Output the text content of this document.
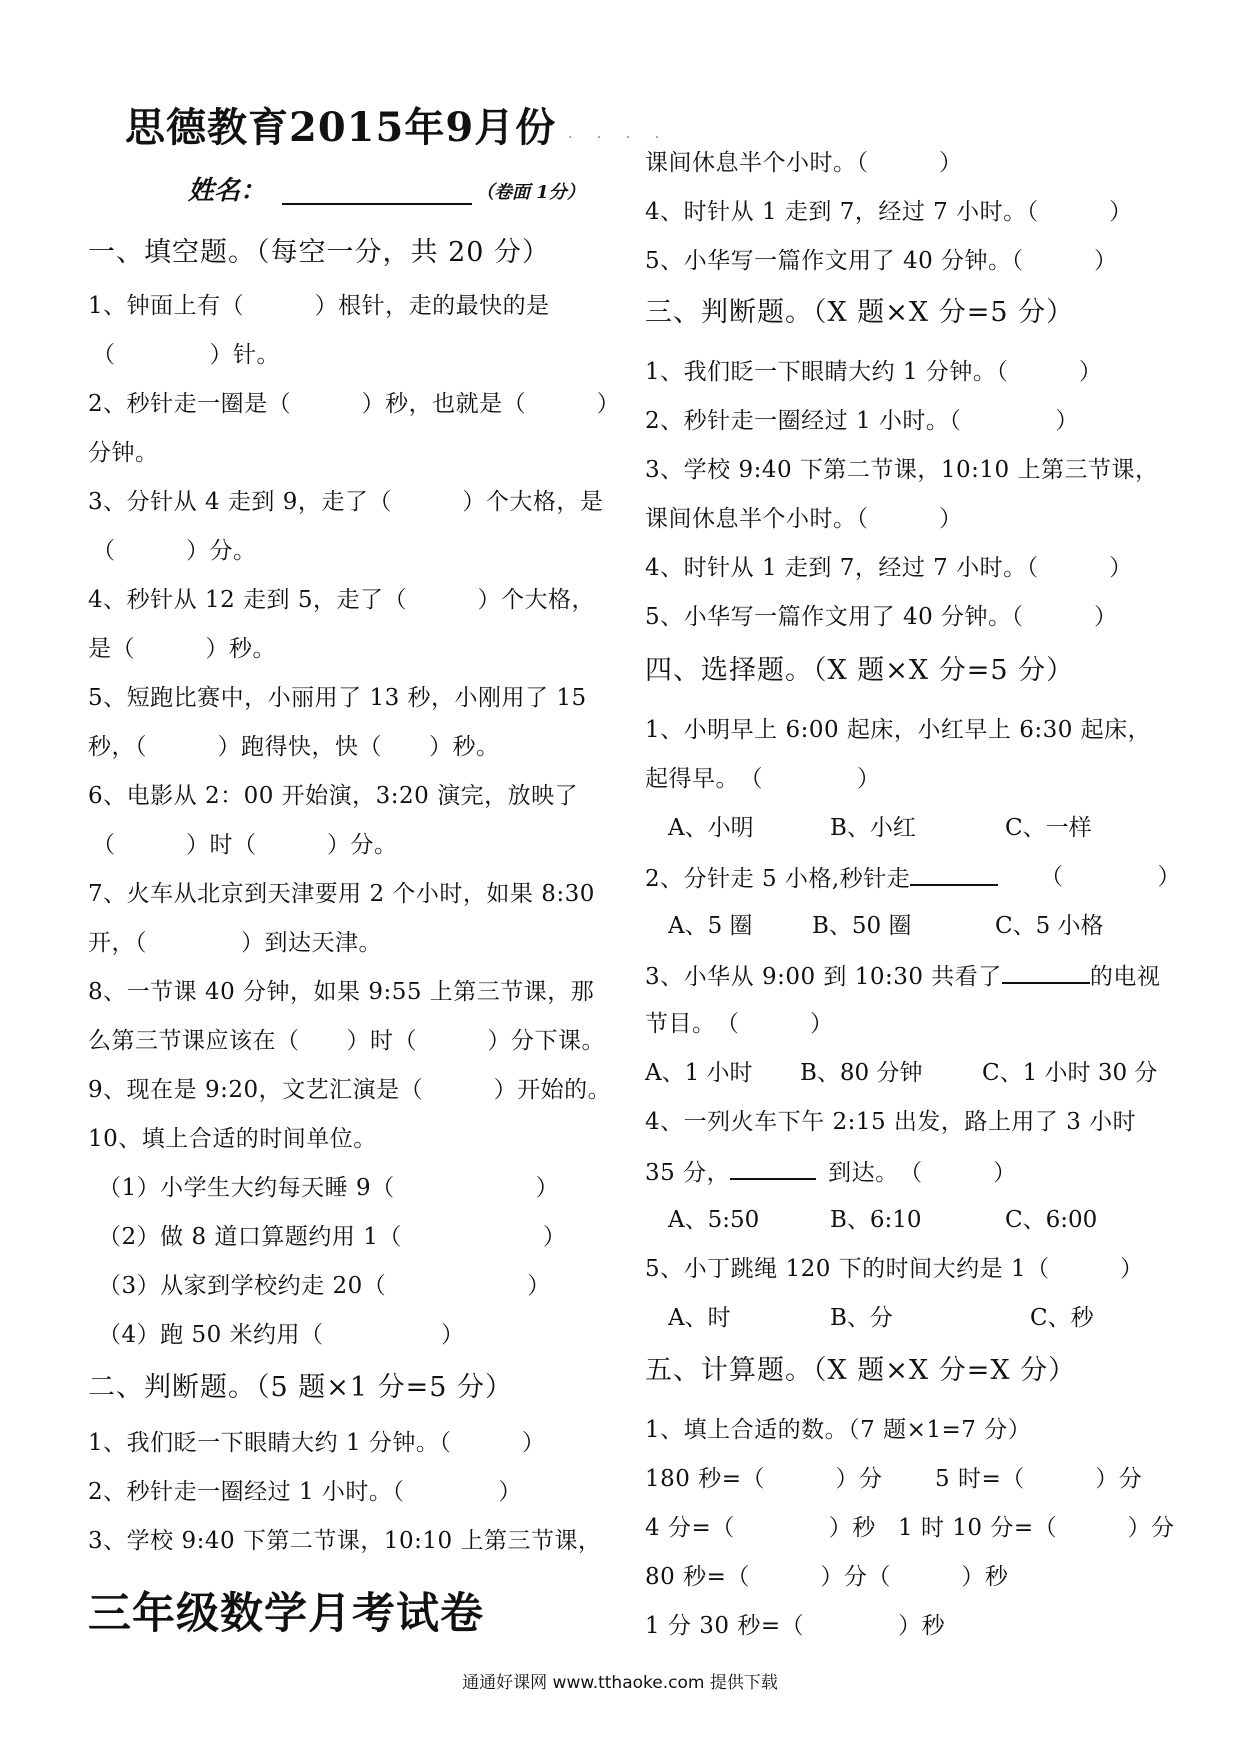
思德教育2015年9月份 . . . .
姓名：	（卷面 1分）
一、填空题。（每空一分，共 20 分）
1、钟面上有（　　　）根针，走的最快的是
（　　　　）针。
2、秒针走一圈是（　　　）秒，也就是（　　　）
分钟。
3、分针从 4 走到 9，走了（　　　）个大格，是
（　　　）分。
4、秒针从 12 走到 5，走了（　　　）个大格，
是（　　　）秒。
5、短跑比赛中，小丽用了 13 秒，小刚用了 15
秒，（　　　）跑得快，快（　　）秒。
6、电影从 2：00 开始演，3:20 演完，放映了
（　　　）时（　　　）分。
7、火车从北京到天津要用 2 个小时，如果 8:30
开，（　　　　）到达天津。
8、一节课 40 分钟，如果 9:55 上第三节课，那
么第三节课应该在（　　）时（　　　）分下课。
9、现在是 9:20，文艺汇演是（　　　）开始的。
10、填上合适的时间单位。
（1）小学生大约每天睡 9（　　　　　　）
（2）做 8 道口算题约用 1（　　　　　　）
（3）从家到学校约走 20（　　　　　　）
（4）跑 50 米约用（　　　　　）
二、判断题。（5 题×1 分=5 分）
1、我们眨一下眼睛大约 1 分钟。（　　　）
2、秒针走一圈经过 1 小时。（　　　　）
3、学校 9:40 下第二节课，10:10 上第三节课，
三年级数学月考试卷
课间休息半个小时。（　　　）
4、时针从 1 走到 7，经过 7 小时。（　　　）
5、小华写一篇作文用了 40 分钟。（　　　）
三、判断题。（X 题×X 分=5 分）
1、我们眨一下眼睛大约 1 分钟。（　　　）
2、秒针走一圈经过 1 小时。（　　　　）
3、学校 9:40 下第二节课，10:10 上第三节课，
课间休息半个小时。（　　　）
4、时针从 1 走到 7，经过 7 小时。（　　　）
5、小华写一篇作文用了 40 分钟。（　　　）
四、选择题。（X 题×X 分=5 分）
1、小明早上 6:00 起床，小红早上 6:30 起床，
起得早。　（　　　　）
A、小明	B、小红	C、一样
2、分针走 5 小格,秒针走	（　　　　）
A、5 圈	B、50 圈	C、5 小格
3、小华从 9:00 到 10:30 共看了	的电视
节目。　（　　　）
A、1 小时 B、80 分钟	C、1 小时 30 分
4、一列火车下午 2:15 出发，路上用了 3 小时
35 分，	到达。　（　　　）
A、5:50	B、6:10	C、6:00
5、小丁跳绳 120 下的时间大约是 1（　　　）
A、时	B、分	C、秒
五、计算题。（X 题×X 分=X 分）
1、填上合适的数。（7 题×1=7 分）
180 秒=（　　　）分 5 时=（　　　）分
4 分=（　　　　）秒 1 时 10 分=（　　　）分
80 秒=（　　　）分（　　　）秒
1 分 30 秒=（　　　　）秒
通通好课网 www.tthaoke.com 提供下载
